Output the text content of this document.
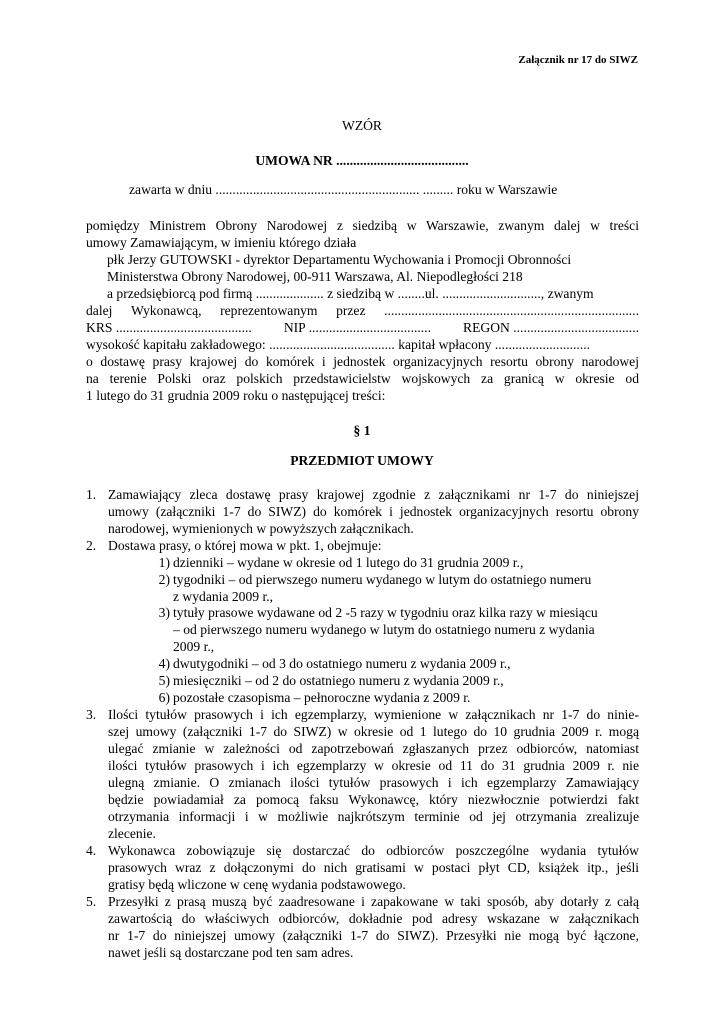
Załącznik nr 17 do SIWZ
WZÓR
UMOWA NR .......................................
zawarta w dniu ............................................................ ......... roku w Warszawie
pomiędzy Ministrem Obrony Narodowej z siedzibą w Warszawie, zwanym dalej w treści
umowy Zamawiającym, w imieniu którego działa
płk Jerzy GUTOWSKI - dyrektor Departamentu Wychowania i Promocji Obronności
Ministerstwa Obrony Narodowej, 00-911 Warszawa, Al. Niepodległości 218
a przedsiębiorcą pod firmą .................... z siedzibą w ........ul. ............................., zwanym
dalej Wykonawcą, reprezentowanym przez ...........................................................................
KRS ........................................ NIP .................................... REGON .....................................
wysokość kapitału zakładowego: ..................................... kapitał wpłacony ............................
o dostawę prasy krajowej do komórek i jednostek organizacyjnych resortu obrony narodowej
na terenie Polski oraz polskich przedstawicielstw wojskowych za granicą w okresie od
1 lutego do 31 grudnia 2009 roku o następującej treści:
§ 1
PRZEDMIOT UMOWY
1. Zamawiający zleca dostawę prasy krajowej zgodnie z załącznikami nr 1-7 do niniejszej
umowy (załączniki 1-7 do SIWZ) do komórek i jednostek organizacyjnych resortu obrony
narodowej, wymienionych w powyższych załącznikach.
2. Dostawa prasy, o której mowa w pkt. 1, obejmuje:
1) dzienniki – wydane w okresie od 1 lutego do 31 grudnia 2009 r.,
2) tygodniki – od pierwszego numeru wydanego w lutym do ostatniego numeru
z wydania 2009 r.,
3) tytuły prasowe wydawane od 2 -5 razy w tygodniu oraz kilka razy w miesiącu
– od pierwszego numeru wydanego w lutym do ostatniego numeru z wydania
2009 r.,
4) dwutygodniki – od 3 do ostatniego numeru z wydania 2009 r.,
5) miesięczniki – od 2 do ostatniego numeru z wydania 2009 r.,
6) pozostałe czasopisma – pełnoroczne wydania z 2009 r.
3. Ilości tytułów prasowych i ich egzemplarzy, wymienione w załącznikach nr 1-7 do ninie-
szej umowy (załączniki 1-7 do SIWZ) w okresie od 1 lutego do 10 grudnia 2009 r. mogą
ulegać zmianie w zależności od zapotrzebowań zgłaszanych przez odbiorców, natomiast
ilości tytułów prasowych i ich egzemplarzy w okresie od 11 do 31 grudnia 2009 r. nie
ulegną zmianie. O zmianach ilości tytułów prasowych i ich egzemplarzy Zamawiający
będzie powiadamiał za pomocą faksu Wykonawcę, który niezwłocznie potwierdzi fakt
otrzymania informacji i w możliwie najkrótszym terminie od jej otrzymania zrealizuje
zlecenie.
4. Wykonawca zobowiązuje się dostarczać do odbiorców poszczególne wydania tytułów
prasowych wraz z dołączonymi do nich gratisami w postaci płyt CD, książek itp., jeśli
gratisy będą wliczone w cenę wydania podstawowego.
5. Przesyłki z prasą muszą być zaadresowane i zapakowane w taki sposób, aby dotarły z całą
zawartością do właściwych odbiorców, dokładnie pod adresy wskazane w załącznikach
nr 1-7 do niniejszej umowy (załączniki 1-7 do SIWZ). Przesyłki nie mogą być łączone,
nawet jeśli są dostarczane pod ten sam adres.
